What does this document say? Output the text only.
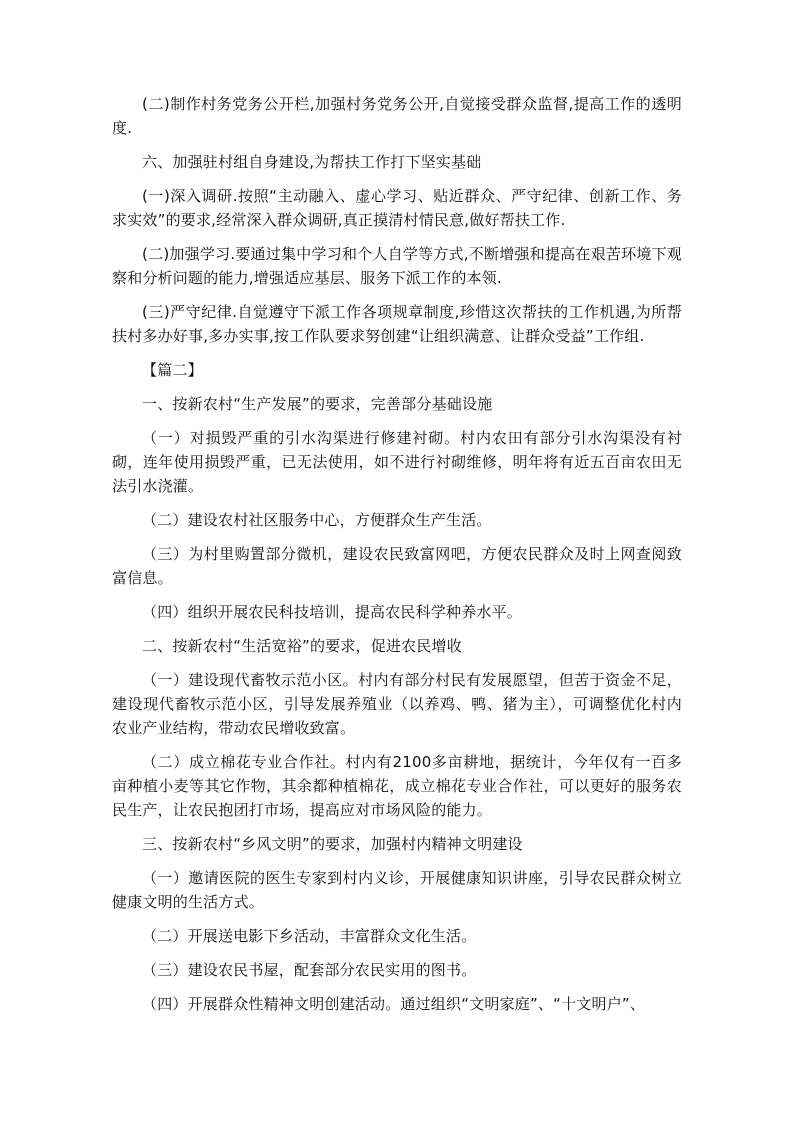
(二)制作村务党务公开栏,加强村务党务公开,自觉接受群众监督,提高工作的透明度.

六、加强驻村组自身建设,为帮扶工作打下坚实基础

(一)深入调研.按照“主动融入、虚心学习、贴近群众、严守纪律、创新工作、务求实效”的要求,经常深入群众调研,真正摸清村情民意,做好帮扶工作.

(二)加强学习.要通过集中学习和个人自学等方式,不断增强和提高在艰苦环境下观察和分析问题的能力,增强适应基层、服务下派工作的本领.

(三)严守纪律.自觉遵守下派工作各项规章制度,珍惜这次帮扶的工作机遇,为所帮扶村多办好事,多办实事,按工作队要求努创建“让组织满意、让群众受益”工作组.

【篇二】

一、按新农村“生产发展”的要求，完善部分基础设施

（一）对损毁严重的引水沟渠进行修建衬砌。村内农田有部分引水沟渠没有衬砌，连年使用损毁严重，已无法使用，如不进行衬砌维修，明年将有近五百亩农田无法引水浇灌。

（二）建设农村社区服务中心，方便群众生产生活。

（三）为村里购置部分微机，建设农民致富网吧，方便农民群众及时上网查阅致富信息。

（四）组织开展农民科技培训，提高农民科学种养水平。

二、按新农村“生活宽裕”的要求，促进农民增收

（一）建设现代畜牧示范小区。村内有部分村民有发展愿望，但苦于资金不足，建设现代畜牧示范小区，引导发展养殖业（以养鸡、鸭、猪为主），可调整优化村内农业产业结构，带动农民增收致富。

（二）成立棉花专业合作社。村内有2100多亩耕地，据统计，今年仅有一百多亩种植小麦等其它作物，其余都种植棉花，成立棉花专业合作社，可以更好的服务农民生产，让农民抱团打市场，提高应对市场风险的能力。

三、按新农村“乡风文明”的要求，加强村内精神文明建设

（一）邀请医院的医生专家到村内义诊，开展健康知识讲座，引导农民群众树立健康文明的生活方式。

（二）开展送电影下乡活动，丰富群众文化生活。

（三）建设农民书屋，配套部分农民实用的图书。

（四）开展群众性精神文明创建活动。通过组织“文明家庭”、“十文明户”、
